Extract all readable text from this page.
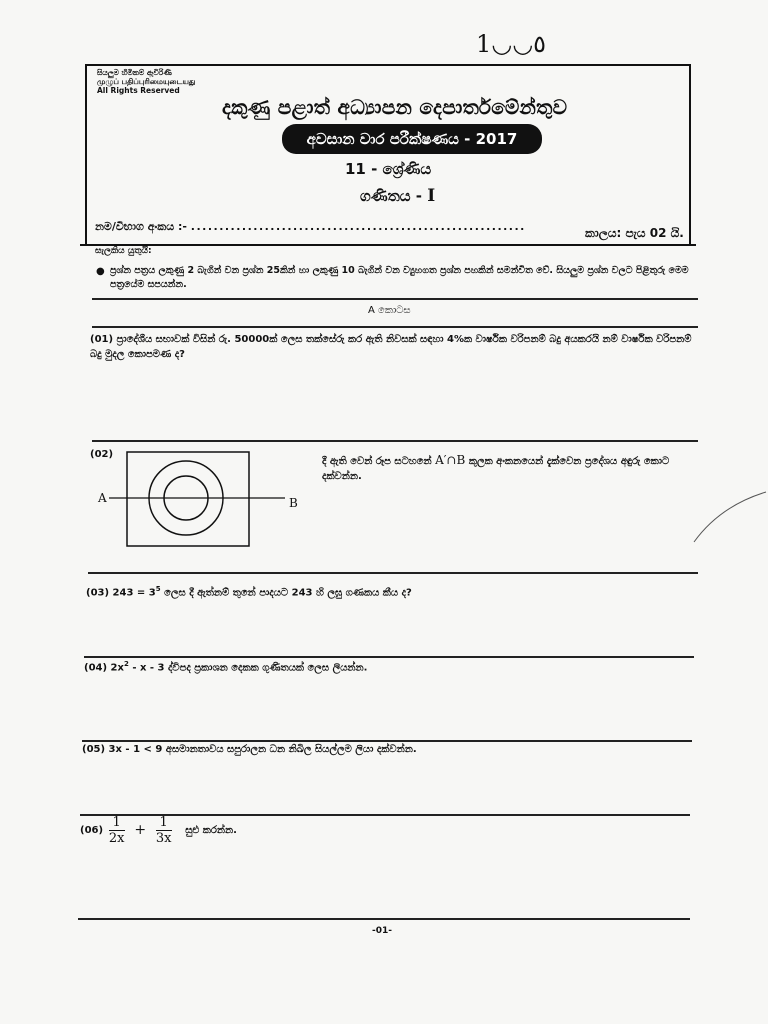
1◡◡٥
සියලුම හිමිකම් ඇවිරිණි
முழுப் பதிப்புரிமையுடையது
All Rights Reserved
දකුණු පළාත් අධ්‍යාපන දෙපාර්තමේන්තුව
අවසාන වාර පරීක්ෂණය - 2017
11 - ශ්‍රේණිය
ගණිතය - I
නම/විභාග අංකය :- ...........................................................	කාලය: පැය 02 යි.
සැලකිය යුතුයි:
● ප්‍රශ්න පත්‍රය ලකුණු 2 බැගින් වන ප්‍රශ්න 25කින් හා ලකුණු 10 බැගින් වන ව්‍යුහගත ප්‍රශ්න පහකින් සමන්විත වේ. සියලුම ප්‍රශ්න වලට පිළිතුරු මෙම පත්‍රයේම සපයන්න.
A කොටස
(01) ප්‍රාදේශීය සභාවක් විසින් රු. 50000ක් ලෙස තක්සේරු කර ඇති නිවසක් සඳහා 4%ක වාර්ෂික වරිපනම් බදු අයකරයි නම් වාර්ෂික වරිපනම් බදු මුදල කොපමණ ද?
(02)
A	B
දී ඇති වෙන් රූප සටහනේ A′∩B කුලක අංකනයෙන් දැක්වෙන ප්‍රදේශය අඳුරු කොට දක්වන්න.
(03) $243 = 3^5$ ලෙස දී ඇත්නම් තුනේ පාදයට 243 හි ලඝු ගණකය කීය ද?
(04) $2x^2$ - x - 3 ද්විපද ප්‍රකාශන දෙකක ගුණිතයක් ලෙස ලියන්න.
(05) 3x - 1 < 9 අසමානතාවය සපුරාලන ධන නිඛිල සියල්ලම ලියා දක්වන්න.
$(06) \frac{1}{2x} + \frac{1}{3x}$ සුළු කරන්න.
-01-
